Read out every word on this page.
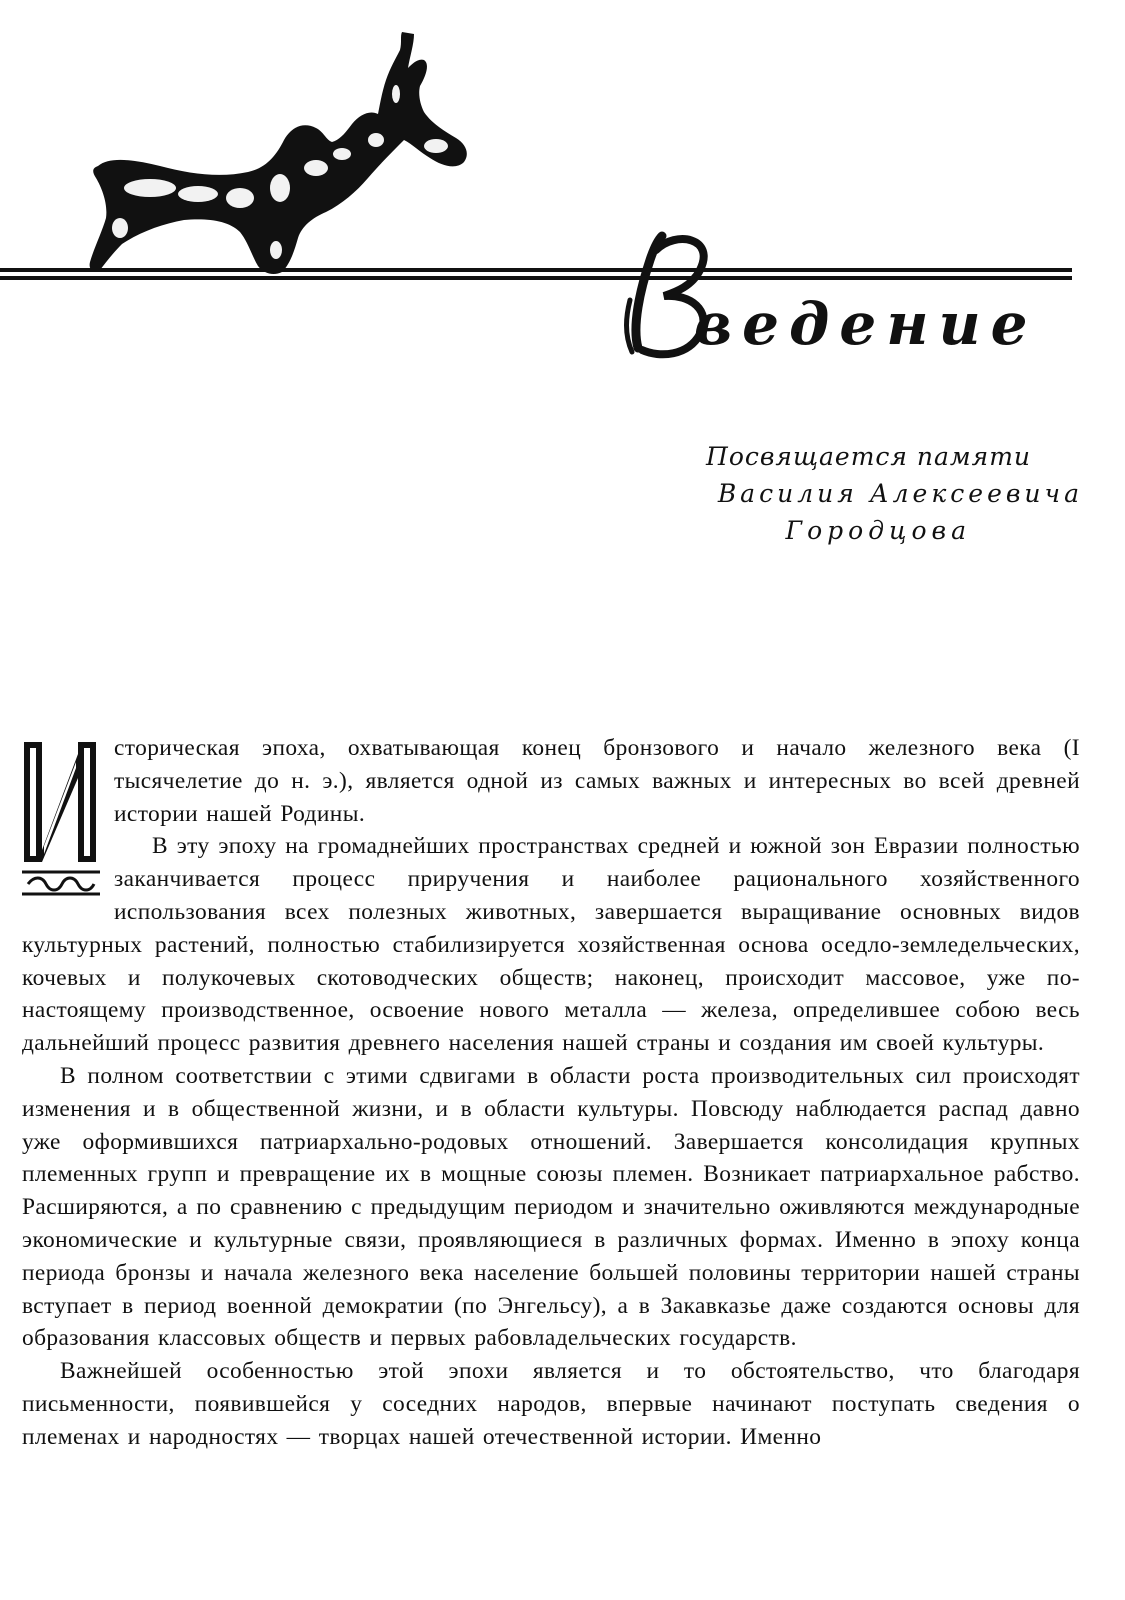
ведение
Посвящается памяти
Василия Алексеевича
Городцова
И	сторическая эпоха, охватывающая конец бронзового и начало железного века (I тысячелетие до н. э.), является одной из самых важных и интересных во всей древней истории нашей Родины.

В эту эпоху на громаднейших пространствах средней и южной зон Евразии полностью заканчивается процесс приручения и наиболее рационального хозяйственного использования всех полезных животных, завершается выращивание основных видов культурных растений, полностью стабилизируется хозяйственная основа оседло-земледельческих, кочевых и полукочевых скотоводческих обществ; наконец, происходит массовое, уже по-настоящему производственное, освоение нового металла — железа, определившее собою весь дальнейший процесс развития древнего населения нашей страны и создания им своей культуры.

В полном соответствии с этими сдвигами в области роста производительных сил происходят изменения и в общественной жизни, и в области культуры. Повсюду наблюдается распад давно уже оформившихся патриархально-родовых отношений. Завершается консолидация крупных племенных групп и превращение их в мощные союзы племен. Возникает патриархальное рабство. Расширяются, а по сравнению с предыдущим периодом и значительно оживляются международные экономические и культурные связи, проявляющиеся в различных формах. Именно в эпоху конца периода бронзы и начала железного века население большей половины территории нашей страны вступает в период военной демократии (по Энгельсу), а в Закавказье даже создаются основы для образования классовых обществ и первых рабовладельческих государств.

Важнейшей особенностью этой эпохи является и то обстоятельство, что благодаря письменности, появившейся у соседних народов, впервые начинают поступать сведения о племенах и народностях — творцах нашей отечественной истории. Именно
